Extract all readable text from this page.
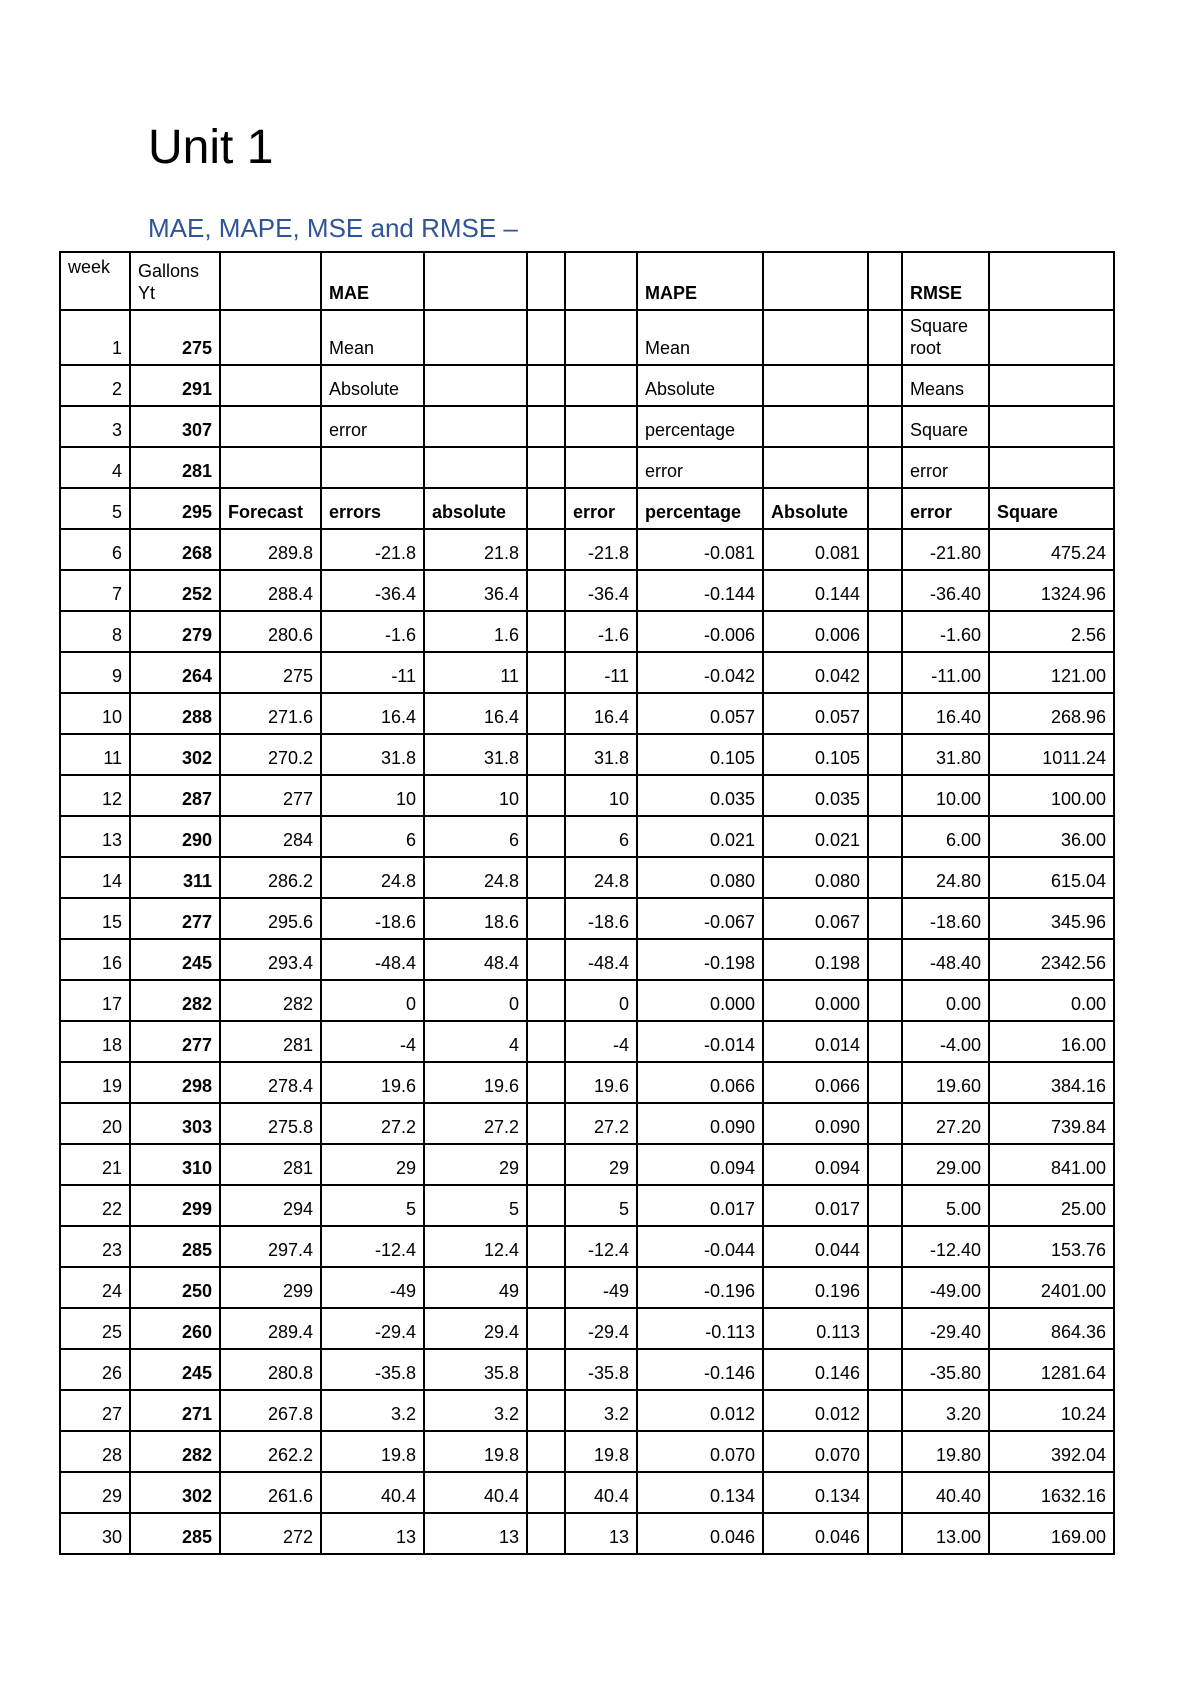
Unit 1
MAE, MAPE, MSE and RMSE –
week	Gallons Yt		MAE				MAPE			RMSE	
1	275		Mean				Mean			Square root	
2	291		Absolute				Absolute			Means	
3	307		error				percentage			Square	
4	281						error			error	
5	295	Forecast	errors	absolute		error	percentage	Absolute		error	Square
6	268	289.8	-21.8	21.8		-21.8	-0.081	0.081		-21.80	475.24
7	252	288.4	-36.4	36.4		-36.4	-0.144	0.144		-36.40	1324.96
8	279	280.6	-1.6	1.6		-1.6	-0.006	0.006		-1.60	2.56
9	264	275	-11	11		-11	-0.042	0.042		-11.00	121.00
10	288	271.6	16.4	16.4		16.4	0.057	0.057		16.40	268.96
11	302	270.2	31.8	31.8		31.8	0.105	0.105		31.80	1011.24
12	287	277	10	10		10	0.035	0.035		10.00	100.00
13	290	284	6	6		6	0.021	0.021		6.00	36.00
14	311	286.2	24.8	24.8		24.8	0.080	0.080		24.80	615.04
15	277	295.6	-18.6	18.6		-18.6	-0.067	0.067		-18.60	345.96
16	245	293.4	-48.4	48.4		-48.4	-0.198	0.198		-48.40	2342.56
17	282	282	0	0		0	0.000	0.000		0.00	0.00
18	277	281	-4	4		-4	-0.014	0.014		-4.00	16.00
19	298	278.4	19.6	19.6		19.6	0.066	0.066		19.60	384.16
20	303	275.8	27.2	27.2		27.2	0.090	0.090		27.20	739.84
21	310	281	29	29		29	0.094	0.094		29.00	841.00
22	299	294	5	5		5	0.017	0.017		5.00	25.00
23	285	297.4	-12.4	12.4		-12.4	-0.044	0.044		-12.40	153.76
24	250	299	-49	49		-49	-0.196	0.196		-49.00	2401.00
25	260	289.4	-29.4	29.4		-29.4	-0.113	0.113		-29.40	864.36
26	245	280.8	-35.8	35.8		-35.8	-0.146	0.146		-35.80	1281.64
27	271	267.8	3.2	3.2		3.2	0.012	0.012		3.20	10.24
28	282	262.2	19.8	19.8		19.8	0.070	0.070		19.80	392.04
29	302	261.6	40.4	40.4		40.4	0.134	0.134		40.40	1632.16
30	285	272	13	13		13	0.046	0.046		13.00	169.00
